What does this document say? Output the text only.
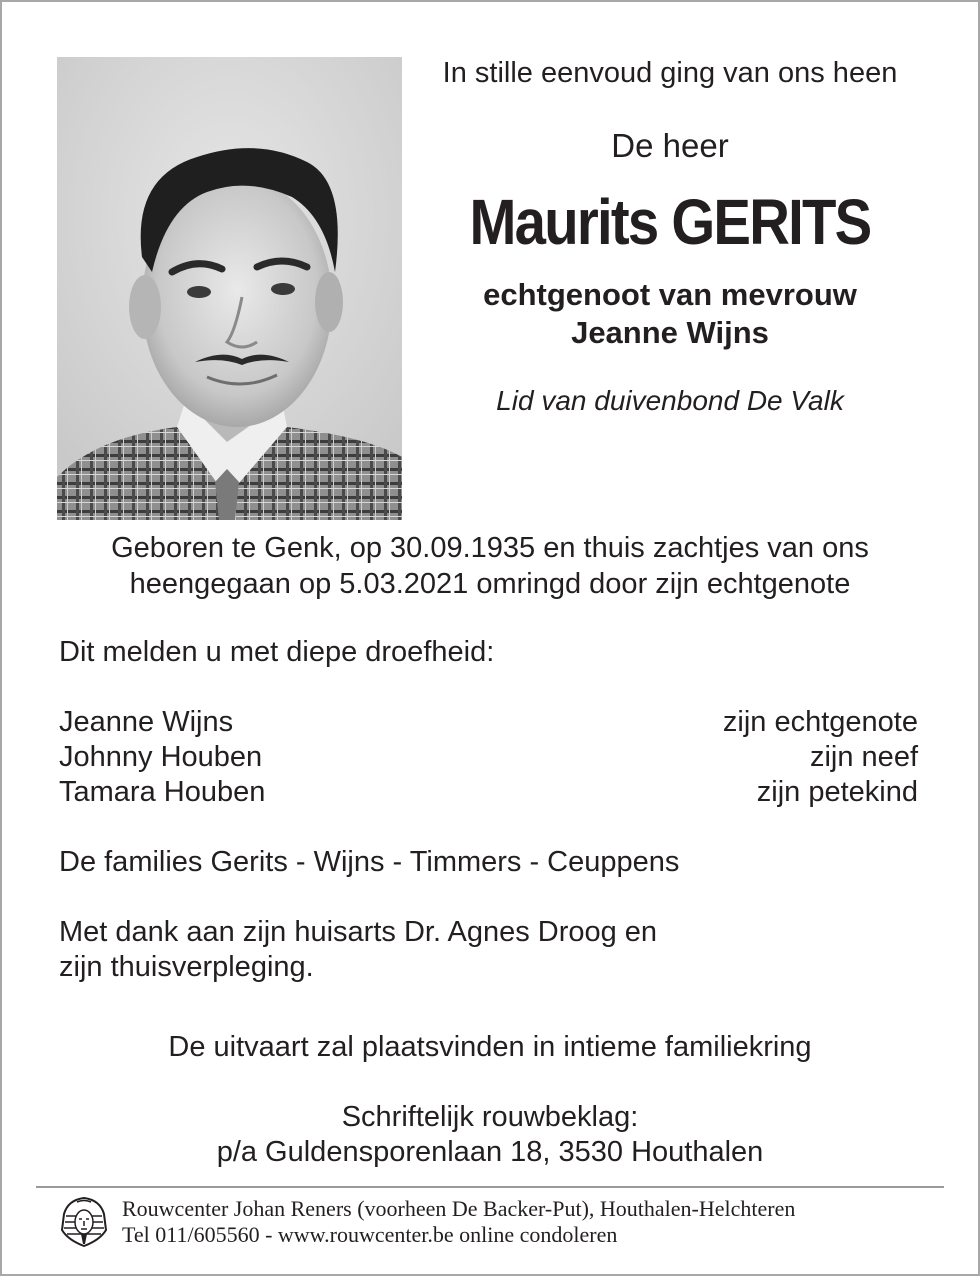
In stille eenvoud ging van ons heen
De heer
Maurits GERITS
echtgenoot van mevrouw
Jeanne Wijns
Lid van duivenbond De Valk
Geboren te Genk, op 30.09.1935 en thuis zachtjes van ons
heengegaan op 5.03.2021 omringd door zijn echtgenote
Dit melden u met diepe droefheid:
Jeanne Wijns	zijn echtgenote
Johnny Houben	zijn neef
Tamara Houben	zijn petekind
De families Gerits - Wijns - Timmers - Ceuppens
Met dank aan zijn huisarts Dr. Agnes Droog en
zijn thuisverpleging.
De uitvaart zal plaatsvinden in intieme familiekring
Schriftelijk rouwbeklag:
p/a Guldensporenlaan 18, 3530 Houthalen
Rouwcenter Johan Reners (voorheen De Backer-Put), Houthalen-Helchteren
Tel 011/605560 - www.rouwcenter.be online condoleren
